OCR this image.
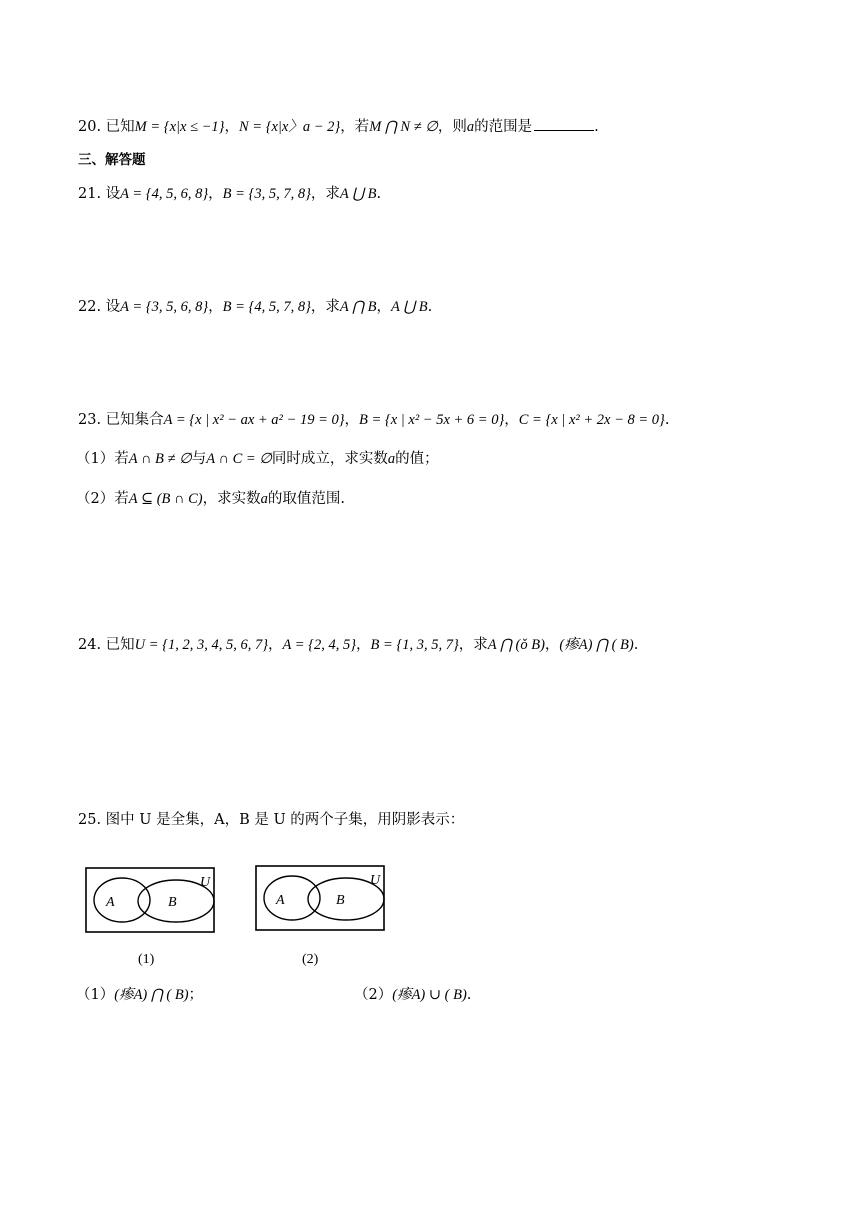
20. 已知M = {x|x ≤ −1}，N = {x|x〉a − 2}，若M ⋂ N ≠ ∅，则a的范围是	.
三、解答题
21. 设A = {4, 5, 6, 8}，B = {3, 5, 7, 8}，求A ⋃ B.
22. 设A = {3, 5, 6, 8}，B = {4, 5, 7, 8}，求A ⋂ B，A ⋃ B.
23. 已知集合A = {x | x² − ax + a² − 19 = 0}，B = {x | x² − 5x + 6 = 0}，C = {x | x² + 2x − 8 = 0}.
（1）若A ∩ B ≠ ∅与A ∩ C = ∅同时成立，求实数a的值；
（2）若A ⊆ (B ∩ C)，求实数a的取值范围.
24. 已知U = {1, 2, 3, 4, 5, 6, 7}，A = {2, 4, 5}，B = {1, 3, 5, 7}，求A ⋂ (ǒ B)，(瘆A) ⋂ ( B).
25. 图中 U 是全集，A，B 是 U 的两个子集，用阴影表示：
A	B
U
A	B
U
(1)	(2)
（1）(瘆A) ⋂ ( B)；	（2）(瘆A) ∪ ( B).
